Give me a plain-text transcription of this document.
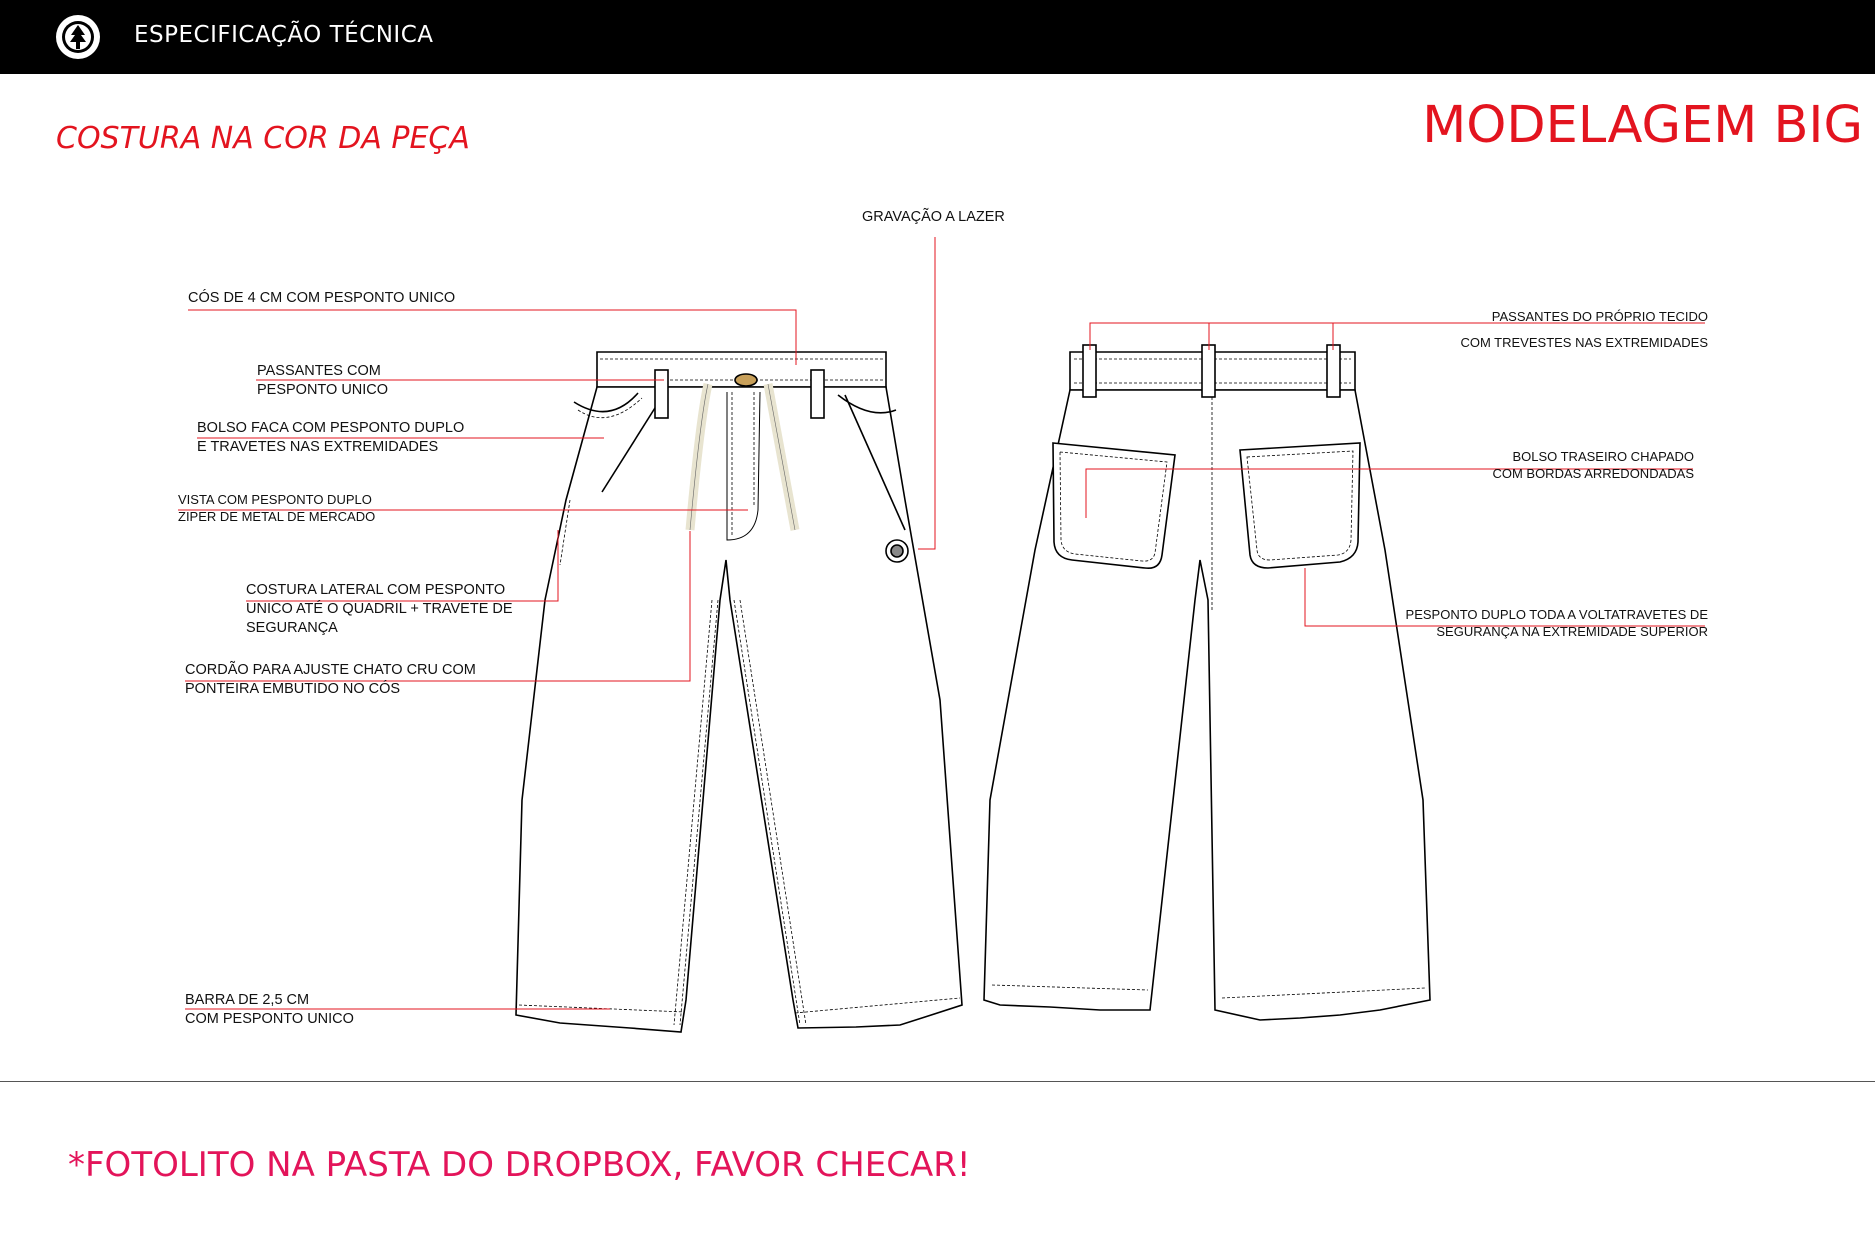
ESPECIFICAÇÃO TÉCNICA
COSTURA NA COR DA PEÇA	MODELAGEM BIG
GRAVAÇÃO A LAZER
CÓS DE 4 CM COM PESPONTO UNICO
PASSANTES COM
PESPONTO UNICO
BOLSO FACA COM PESPONTO DUPLO
E TRAVETES NAS EXTREMIDADES
VISTA COM PESPONTO DUPLO
ZIPER DE METAL DE MERCADO
COSTURA LATERAL COM PESPONTO
UNICO ATÉ O QUADRIL + TRAVETE DE
SEGURANÇA
CORDÃO PARA AJUSTE CHATO CRU COM
PONTEIRA EMBUTIDO NO CÓS
BARRA DE 2,5 CM
COM PESPONTO UNICO
PASSANTES DO PRÓPRIO TECIDO
COM TREVESTES NAS EXTREMIDADES
BOLSO TRASEIRO CHAPADO
COM BORDAS ARREDONDADAS
PESPONTO DUPLO TODA A VOLTATRAVETES DE
SEGURANÇA NA EXTREMIDADE SUPERIOR
*FOTOLITO NA PASTA DO DROPBOX, FAVOR CHECAR!
